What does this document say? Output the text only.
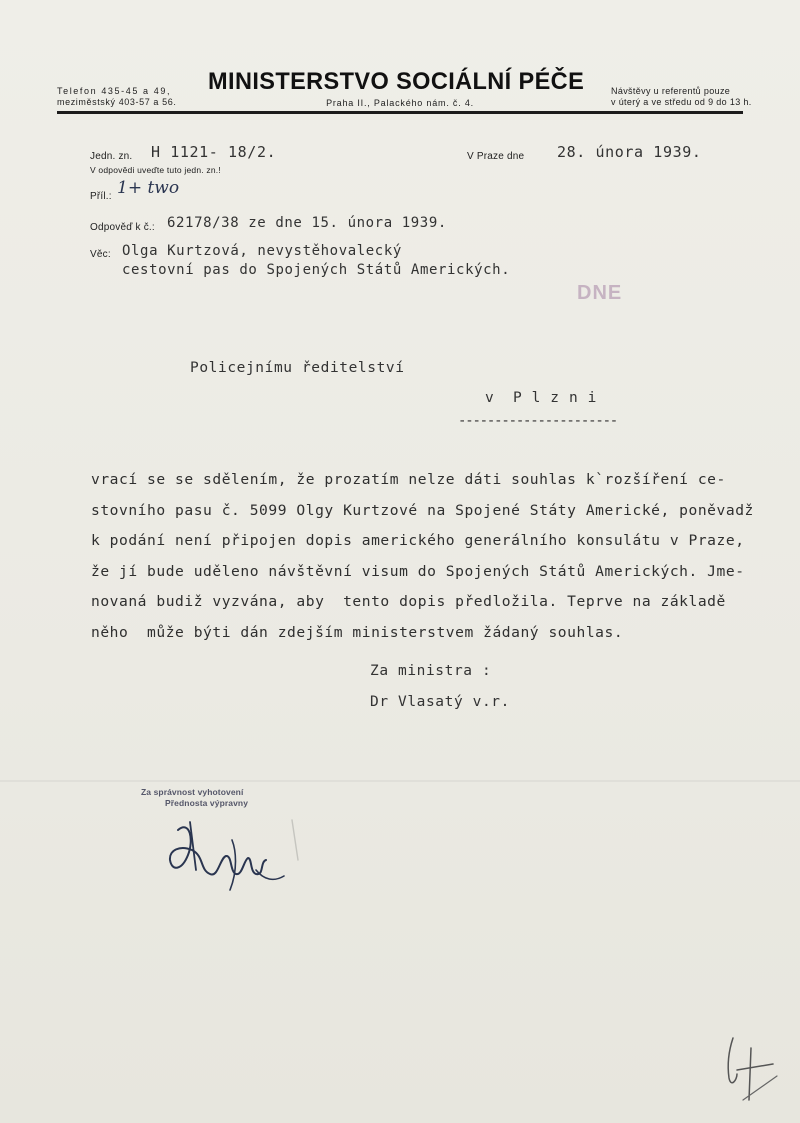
Telefon 435-45 a 49,
meziměstský 403-57 a 56.
MINISTERSTVO SOCIÁLNÍ PÉČE
Praha II., Palackého nám. č. 4.
Návštěvy u referentů pouze
v úterý a ve středu od 9 do 13 h.
Jedn. zn. H 1121- 18/2.
V odpovědi uveďte tuto jedn. zn.!
V Praze dne 28. února 1939.
Příl.: 1+ two
Odpověď k č.: 62178/38 ze dne 15. února 1939.
Věc: Olga Kurtzová, nevystěhovalecký
cestovní pas do Spojených Států Amerických.
DNE
Policejnímu ředitelství
v  P l z n i
----------------------
vrací se se sdělením, že prozatím nelze dáti souhlas k`rozšíření ce-
stovního pasu č. 5099 Olgy Kurtzové na Spojené Státy Americké, poněvadž
k podání není připojen dopis amerického generálního konsulátu v Praze,
že jí bude uděleno návštěvní visum do Spojených Států Amerických. Jme-
novaná budiž vyzvána, aby  tento dopis předložila. Teprve na základě
něho  může býti dán zdejším ministerstvem žádaný souhlas.
Za ministra :
Dr Vlasatý v.r.
Za správnost vyhotovení
Přednosta výpravny
